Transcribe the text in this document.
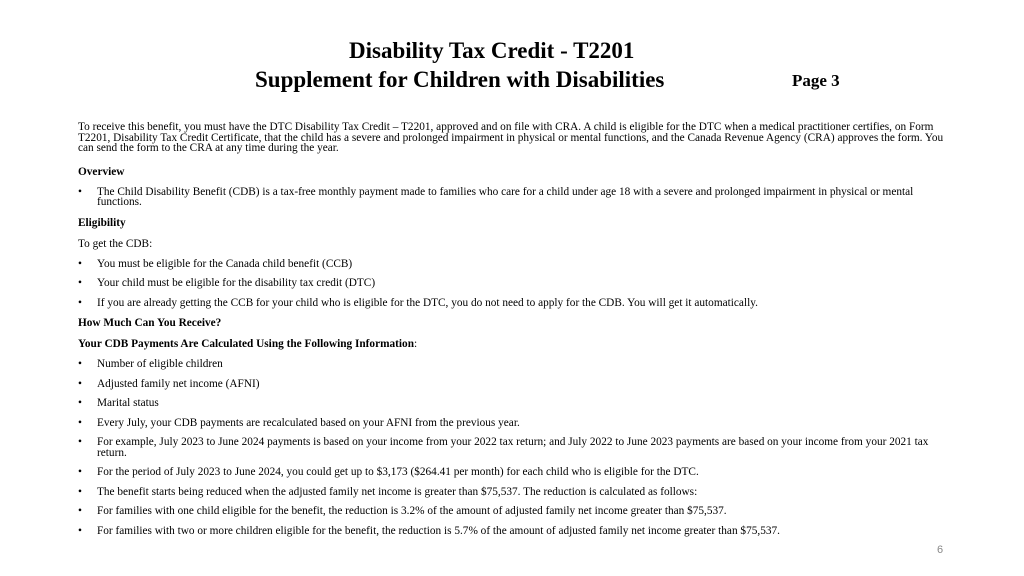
Disability Tax Credit - T2201
Supplement for Children with Disabilities	Page 3
To receive this benefit, you must have the DTC Disability Tax Credit – T2201, approved and on file with CRA. A child is eligible for the DTC when a medical practitioner certifies, on Form T2201, Disability Tax Credit Certificate, that the child has a severe and prolonged impairment in physical or mental functions, and the Canada Revenue Agency (CRA) approves the form. You can send the form to the CRA at any time during the year.
Overview
• The Child Disability Benefit (CDB) is a tax-free monthly payment made to families who care for a child under age 18 with a severe and prolonged impairment in physical or mental functions.
Eligibility
To get the CDB:
• You must be eligible for the Canada child benefit (CCB)
• Your child must be eligible for the disability tax credit (DTC)
• If you are already getting the CCB for your child who is eligible for the DTC, you do not need to apply for the CDB. You will get it automatically.
How Much Can You Receive?
Your CDB Payments Are Calculated Using the Following Information:
• Number of eligible children
• Adjusted family net income (AFNI)
• Marital status
• Every July, your CDB payments are recalculated based on your AFNI from the previous year.
• For example, July 2023 to June 2024 payments is based on your income from your 2022 tax return; and July 2022 to June 2023 payments are based on your income from your 2021 tax return.
• For the period of July 2023 to June 2024, you could get up to $3,173 ($264.41 per month) for each child who is eligible for the DTC.
• The benefit starts being reduced when the adjusted family net income is greater than $75,537. The reduction is calculated as follows:
• For families with one child eligible for the benefit, the reduction is 3.2% of the amount of adjusted family net income greater than $75,537.
• For families with two or more children eligible for the benefit, the reduction is 5.7% of the amount of adjusted family net income greater than $75,537.
6
